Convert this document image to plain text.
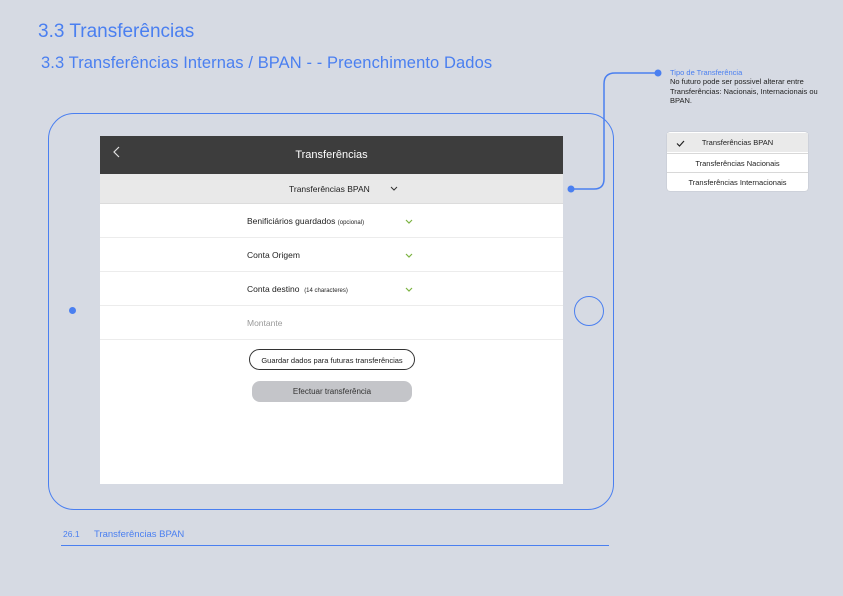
3.3 Transferências
3.3 Transferências Internas / BPAN - - Preenchimento Dados
Transferências
Transferências BPAN
Benificiários guardados (opcional)
Conta Origem
Conta destino (14 characteres)
Montante
Guardar dados para futuras transferências
Efectuar transferência
Tipo de Transferência
No futuro pode ser possivel alterar entre Transferências: Nacionais, Internacionais ou BPAN.
Transferências BPAN
Transferências Nacionais
Transferências Internacionais
26.1 Transferências BPAN
